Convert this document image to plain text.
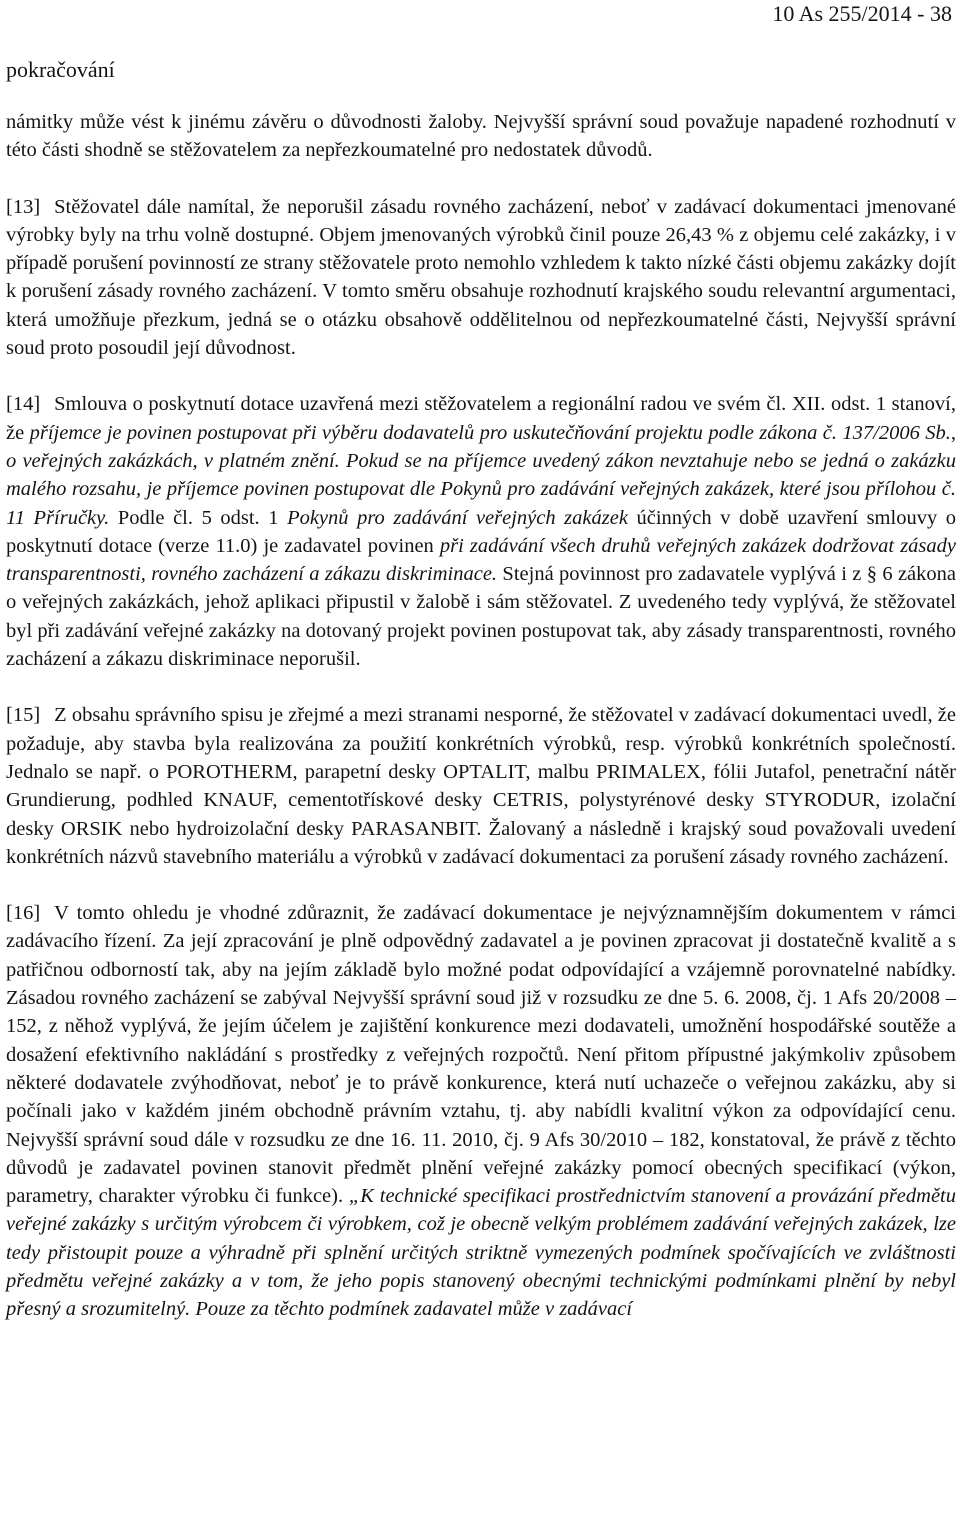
10 As 255/2014 - 38
pokračování

námitky může vést k jinému závěru o důvodnosti žaloby. Nejvyšší správní soud považuje napadené rozhodnutí v této části shodně se stěžovatelem za nepřezkoumatelné pro nedostatek důvodů.

[13] Stěžovatel dále namítal, že neporušil zásadu rovného zacházení, neboť v zadávací dokumentaci jmenované výrobky byly na trhu volně dostupné. Objem jmenovaných výrobků činil pouze 26,43 % z objemu celé zakázky, i v případě porušení povinností ze strany stěžovatele proto nemohlo vzhledem k takto nízké části objemu zakázky dojít k porušení zásady rovného zacházení. V tomto směru obsahuje rozhodnutí krajského soudu relevantní argumentaci, která umožňuje přezkum, jedná se o otázku obsahově oddělitelnou od nepřezkoumatelné části, Nejvyšší správní soud proto posoudil její důvodnost.

[14] Smlouva o poskytnutí dotace uzavřená mezi stěžovatelem a regionální radou ve svém čl. XII. odst. 1 stanoví, že příjemce je povinen postupovat při výběru dodavatelů pro uskutečňování projektu podle zákona č. 137/2006 Sb., o veřejných zakázkách, v platném znění. Pokud se na příjemce uvedený zákon nevztahuje nebo se jedná o zakázku malého rozsahu, je příjemce povinen postupovat dle Pokynů pro zadávání veřejných zakázek, které jsou přílohou č. 11 Příručky. Podle čl. 5 odst. 1 Pokynů pro zadávání veřejných zakázek účinných v době uzavření smlouvy o poskytnutí dotace (verze 11.0) je zadavatel povinen při zadávání všech druhů veřejných zakázek dodržovat zásady transparentnosti, rovného zacházení a zákazu diskriminace. Stejná povinnost pro zadavatele vyplývá i z § 6 zákona o veřejných zakázkách, jehož aplikaci připustil v žalobě i sám stěžovatel. Z uvedeného tedy vyplývá, že stěžovatel byl při zadávání veřejné zakázky na dotovaný projekt povinen postupovat tak, aby zásady transparentnosti, rovného zacházení a zákazu diskriminace neporušil.

[15] Z obsahu správního spisu je zřejmé a mezi stranami nesporné, že stěžovatel v zadávací dokumentaci uvedl, že požaduje, aby stavba byla realizována za použití konkrétních výrobků, resp. výrobků konkrétních společností. Jednalo se např. o POROTHERM, parapetní desky OPTALIT, malbu PRIMALEX, fólii Jutafol, penetrační nátěr Grundierung, podhled KNAUF, cementotřískové desky CETRIS, polystyrénové desky STYRODUR, izolační desky ORSIK nebo hydroizolační desky PARASANBIT. Žalovaný a následně i krajský soud považovali uvedení konkrétních názvů stavebního materiálu a výrobků v zadávací dokumentaci za porušení zásady rovného zacházení.

[16] V tomto ohledu je vhodné zdůraznit, že zadávací dokumentace je nejvýznamnějším dokumentem v rámci zadávacího řízení. Za její zpracování je plně odpovědný zadavatel a je povinen zpracovat ji dostatečně kvalitě a s patřičnou odborností tak, aby na jejím základě bylo možné podat odpovídající a vzájemně porovnatelné nabídky. Zásadou rovného zacházení se zabýval Nejvyšší správní soud již v rozsudku ze dne 5. 6. 2008, čj. 1 Afs 20/2008 – 152, z něhož vyplývá, že jejím účelem je zajištění konkurence mezi dodavateli, umožnění hospodářské soutěže a dosažení efektivního nakládání s prostředky z veřejných rozpočtů. Není přitom přípustné jakýmkoliv způsobem některé dodavatele zvýhodňovat, neboť je to právě konkurence, která nutí uchazeče o veřejnou zakázku, aby si počínali jako v každém jiném obchodně právním vztahu, tj. aby nabídli kvalitní výkon za odpovídající cenu. Nejvyšší správní soud dále v rozsudku ze dne 16. 11. 2010, čj. 9 Afs 30/2010 – 182, konstatoval, že právě z těchto důvodů je zadavatel povinen stanovit předmět plnění veřejné zakázky pomocí obecných specifikací (výkon, parametry, charakter výrobku či funkce). „K technické specifikaci prostřednictvím stanovení a provázání předmětu veřejné zakázky s určitým výrobcem či výrobkem, což je obecně velkým problémem zadávání veřejných zakázek, lze tedy přistoupit pouze a výhradně při splnění určitých striktně vymezených podmínek spočívajících ve zvláštnosti předmětu veřejné zakázky a v tom, že jeho popis stanovený obecnými technickými podmínkami plnění by nebyl přesný a srozumitelný. Pouze za těchto podmínek zadavatel může v zadávací
